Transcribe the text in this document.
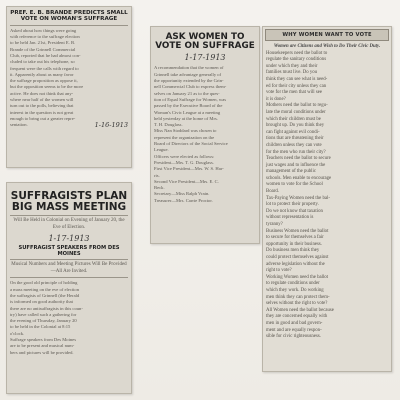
PREF. E. B. BRANDE PREDICTS SMALL VOTE ON WOMAN'S SUFFRAGE
Asked about how things were going
with reference to the suffrage election
to be held Jan. 21st, President E. B.
Brande of the Grinnell Commercial
Club, reported that he had almost con-
cluded to take out his telephone, so
frequent were the calls with regard to
it. Apparently about as many favor
the suffrage proposition as oppose it,
but the opposition seems to be the more
active. He does not think that any-
where near half of the women will
turn out to the polls, believing that
interest in the question is not great
enough to bring out a greater repre-
sentation.	1-16-1913
SUFFRAGISTS PLAN BIG MASS MEETING
Will Be Held in Colonial on Evening of January 20, the Eve of Election.
1-17-1913
SUFFRAGIST SPEAKERS FROM DES MOINES
Musical Numbers and Meeting Pictures Will Be Provided—All Are Invited.
On the good old principle of holding
a mass meeting on the eve of election
the suffragists of Grinnell (the Herald
is informed on good authority that
there are no antisuffragists in this coun-
try) have called such a gathering for
the evening of Thursday, January 20
to be held in the Colonial at 8:15
o'clock.
Suffrage speakers from Des Moines
are to be present and musical num-
bers and pictures will be provided.
ASK WOMEN TO VOTE ON SUFFRAGE
1-17-1913
A recommendation that the women of
Grinnell take advantage generally of
the opportunity extended by the Grin-
nell Commercial Club to express them-
selves on January 21 as to the ques-
tion of Equal Suffrage for Women, was
passed by the Executive Board of the
Woman's Civic League at a meeting
held yesterday at the home of Mrs.
T. H. Douglass.
Miss Nan Stoddard was chosen to
represent the organization on the
Board of Directors of the Social Service
League.
Officers were elected as follows:
President—Mrs. T. G. Douglass.
First Vice President—Mrs. W. S. Har-
ris.
Second Vice President—Mrs. E. C.
Beck.
Secretary—Miss Ralph Vrain.
Treasurer—Mrs. Carrie Proctor.
WHY WOMEN WANT TO VOTE
Women are Citizens and Wish to Do Their Civic Duty.
Housekeepers need the ballot to
regulate the sanitary conditions
under which they and their
families must live. Do you
think they can see what is need-
ed for their city unless they can
vote for the men that will see
it is done?
Mothers need the ballot to regu-
late the moral conditions under
which their children must be
brought up. Do you think they
can fight against evil condi-
tions that are threatening their
children unless they can vote
for the men who run their city?
Teachers need the ballot to secure
just wages and to influence the
management of the public
schools. Men enable to encourage
women to vote for the School
Board.
Tax-Paying Women need the bal-
lot to protect their property.
Do we not know that taxation
without representation is
tyranny?
Business Women need the ballot
to secure for themselves a fair
opportunity in their business.
Do business men think they
could protect themselves against
adverse legislation without the
right to vote?
Working Women need the ballot
to regulate conditions under
which they work. Do working
men think they can protect them-
selves without the right to vote?
All Women need the ballot because
they are concerned equally with
men in good and bad govern-
ment and are equally respon-
sible for civic righteousness.
